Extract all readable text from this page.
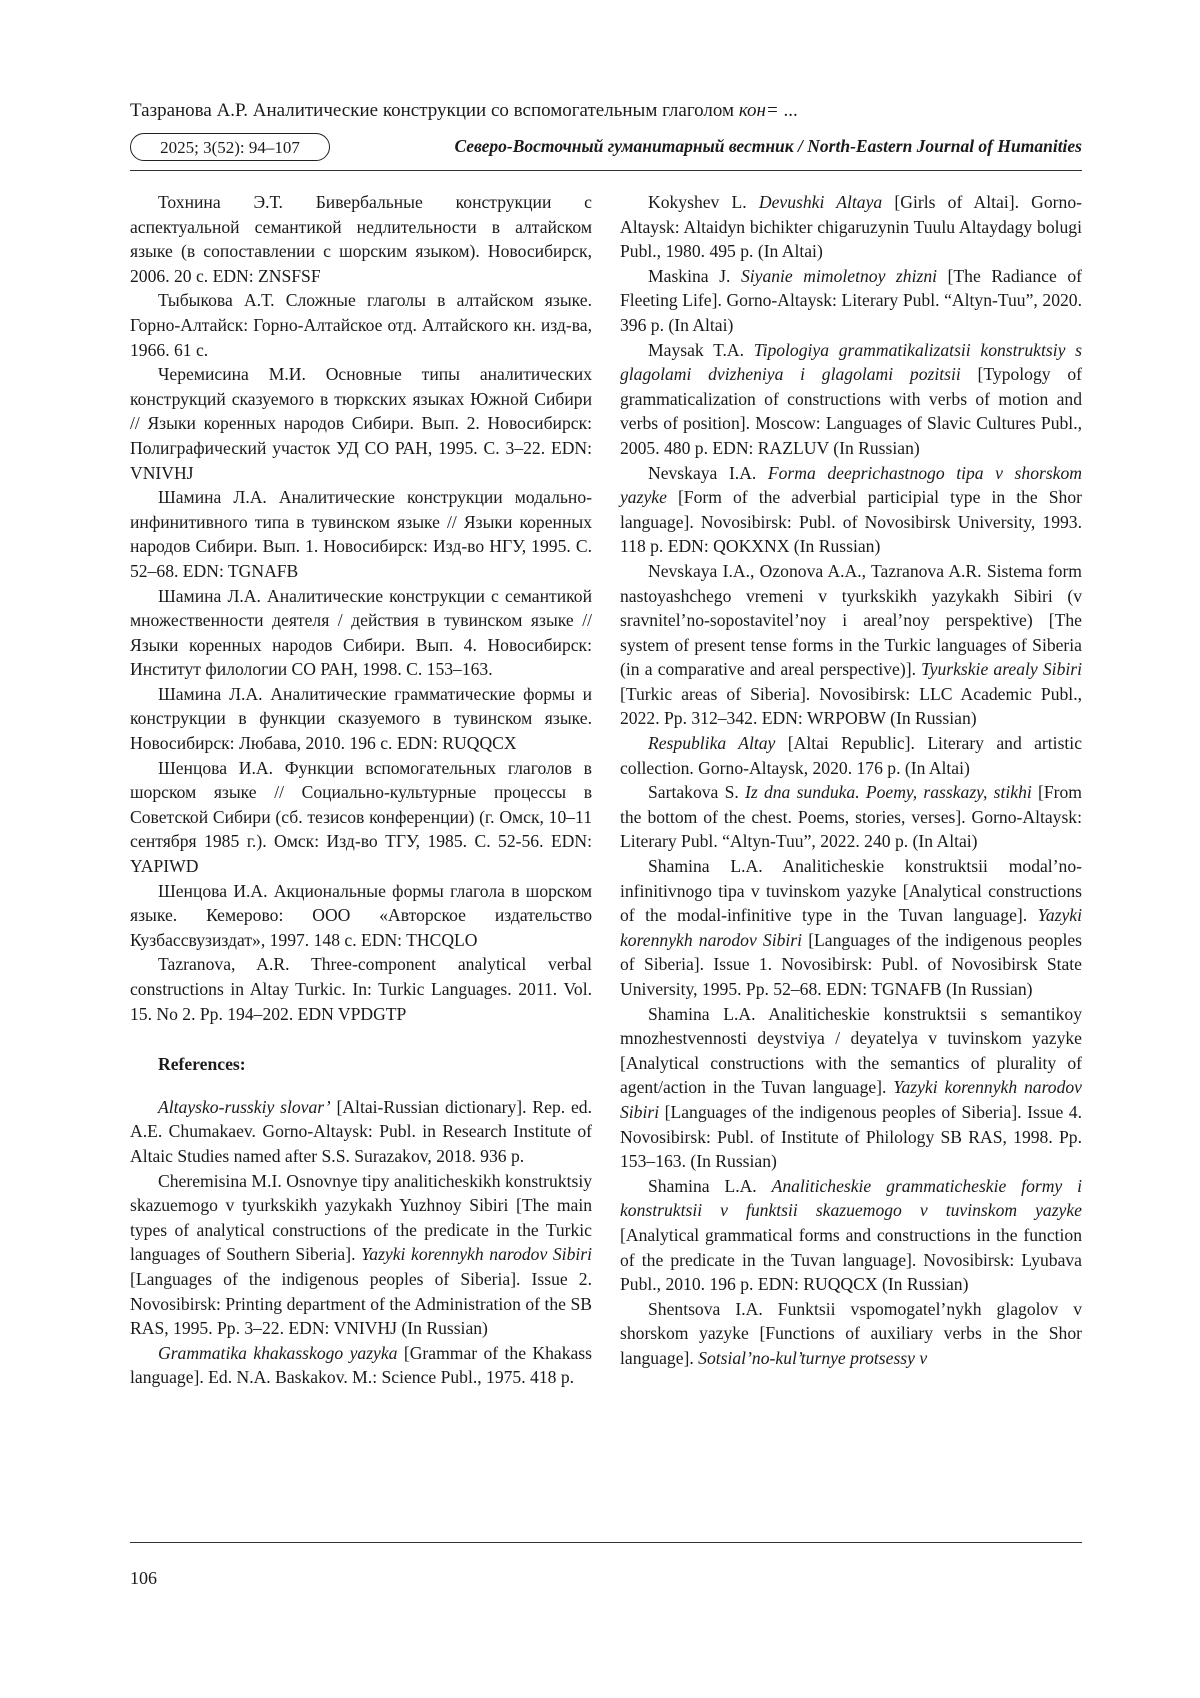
Тазранова А.Р. Аналитические конструкции со вспомогательным глаголом кон= ...
2025; 3(52): 94–107	Северо-Восточный гуманитарный вестник / North-Eastern Journal of Humanities

Тохнина Э.Т. Бивербальные конструкции с аспектуальной семантикой недлительности в алтайском языке (в сопоставлении с шорским языком). Новосибирск, 2006. 20 с. EDN: ZNSFSF

Тыбыкова А.Т. Сложные глаголы в алтайском языке. Горно-Алтайск: Горно-Алтайское отд. Алтайского кн. изд-ва, 1966. 61 с.

Черемисина М.И. Основные типы аналитических конструкций сказуемого в тюркских языках Южной Сибири // Языки коренных народов Сибири. Вып. 2. Новосибирск: Полиграфический участок УД СО РАН, 1995. С. 3–22. EDN: VNIVHJ

Шамина Л.А. Аналитические конструкции модально-инфинитивного типа в тувинском языке // Языки коренных народов Сибири. Вып. 1. Новосибирск: Изд-во НГУ, 1995. С. 52–68. EDN: TGNAFB

Шамина Л.А. Аналитические конструкции с семантикой множественности деятеля / действия в тувинском языке // Языки коренных народов Сибири. Вып. 4. Новосибирск: Институт филологии СО РАН, 1998. С. 153–163.

Шамина Л.А. Аналитические грамматические формы и конструкции в функции сказуемого в тувинском языке. Новосибирск: Любава, 2010. 196 с. EDN: RUQQCX

Шенцова И.А. Функции вспомогательных глаголов в шорском языке // Социально-культурные процессы в Советской Сибири (сб. тезисов конференции) (г. Омск, 10–11 сентября 1985 г.). Омск: Изд-во ТГУ, 1985. С. 52-56. EDN: YAPIWD

Шенцова И.А. Акциональные формы глагола в шорском языке. Кемерово: ООО «Авторское издательство Кузбассвузиздат», 1997. 148 с. EDN: THCQLO

Tazranova, A.R. Three-component analytical verbal constructions in Altay Turkic. In: Turkic Languages. 2011. Vol. 15. No 2. Pp. 194–202. EDN VPDGTP

References:

Altaysko-russkiy slovar’ [Altai-Russian dictionary]. Rep. ed. A.E. Chumakaev. Gorno-Altaysk: Publ. in Research Institute of Altaic Studies named after S.S. Surazakov, 2018. 936 p.

Cheremisina M.I. Osnovnye tipy analiticheskikh konstruktsiy skazuemogo v tyurkskikh yazykakh Yuzhnoy Sibiri [The main types of analytical constructions of the predicate in the Turkic languages of Southern Siberia]. Yazyki korennykh narodov Sibiri [Languages of the indigenous peoples of Siberia]. Issue 2. Novosibirsk: Printing department of the Administration of the SB RAS, 1995. Pp. 3–22. EDN: VNIVHJ (In Russian)

Grammatika khakasskogo yazyka [Grammar of the Khakass language]. Ed. N.A. Baskakov. M.: Science Publ., 1975. 418 p.

Kokyshev L. Devushki Altaya [Girls of Altai]. Gorno-Altaysk: Altaidyn bichikter chigaruzynin Tuulu Altaydagy bolugi Publ., 1980. 495 p. (In Altai)

Maskina J. Siyanie mimoletnoy zhizni [The Radiance of Fleeting Life]. Gorno-Altaysk: Literary Publ. “Altyn-Tuu”, 2020. 396 p. (In Altai)

Maysak T.A. Tipologiya grammatikalizatsii konstruktsiy s glagolami dvizheniya i glagolami pozitsii [Typology of grammaticalization of constructions with verbs of motion and verbs of position]. Moscow: Languages of Slavic Cultures Publ., 2005. 480 p. EDN: RAZLUV (In Russian)

Nevskaya I.A. Forma deeprichastnogo tipa v shorskom yazyke [Form of the adverbial participial type in the Shor language]. Novosibirsk: Publ. of Novosibirsk University, 1993. 118 p. EDN: QOKXNX (In Russian)

Nevskaya I.A., Ozonova A.A., Tazranova A.R. Sistema form nastoyashchego vremeni v tyurkskikh yazykakh Sibiri (v sravnitel’no-sopostavitel’noy i areal’noy perspektive) [The system of present tense forms in the Turkic languages of Siberia (in a comparative and areal perspective)]. Tyurkskie arealy Sibiri [Turkic areas of Siberia]. Novosibirsk: LLC Academic Publ., 2022. Pp. 312–342. EDN: WRPOBW (In Russian)

Respublika Altay [Altai Republic]. Literary and artistic collection. Gorno-Altaysk, 2020. 176 p. (In Altai)

Sartakova S. Iz dna sunduka. Poemy, rasskazy, stikhi [From the bottom of the chest. Poems, stories, verses]. Gorno-Altaysk: Literary Publ. “Altyn-Tuu”, 2022. 240 p. (In Altai)

Shamina L.A. Analiticheskie konstruktsii modal’no-infinitivnogo tipa v tuvinskom yazyke [Analytical constructions of the modal-infinitive type in the Tuvan language]. Yazyki korennykh narodov Sibiri [Languages of the indigenous peoples of Siberia]. Issue 1. Novosibirsk: Publ. of Novosibirsk State University, 1995. Pp. 52–68. EDN: TGNAFB (In Russian)

Shamina L.A. Analiticheskie konstruktsii s semantikoy mnozhestvennosti deystviya / deyatelya v tuvinskom yazyke [Analytical constructions with the semantics of plurality of agent/action in the Tuvan language]. Yazyki korennykh narodov Sibiri [Languages of the indigenous peoples of Siberia]. Issue 4. Novosibirsk: Publ. of Institute of Philology SB RAS, 1998. Pp. 153–163. (In Russian)

Shamina L.A. Analiticheskie grammaticheskie formy i konstruktsii v funktsii skazuemogo v tuvinskom yazyke [Analytical grammatical forms and constructions in the function of the predicate in the Tuvan language]. Novosibirsk: Lyubava Publ., 2010. 196 p. EDN: RUQQCX (In Russian)

Shentsova I.A. Funktsii vspomogatel’nykh glagolov v shorskom yazyke [Functions of auxiliary verbs in the Shor language]. Sotsial’no-kul’turnye protsessy v

106
